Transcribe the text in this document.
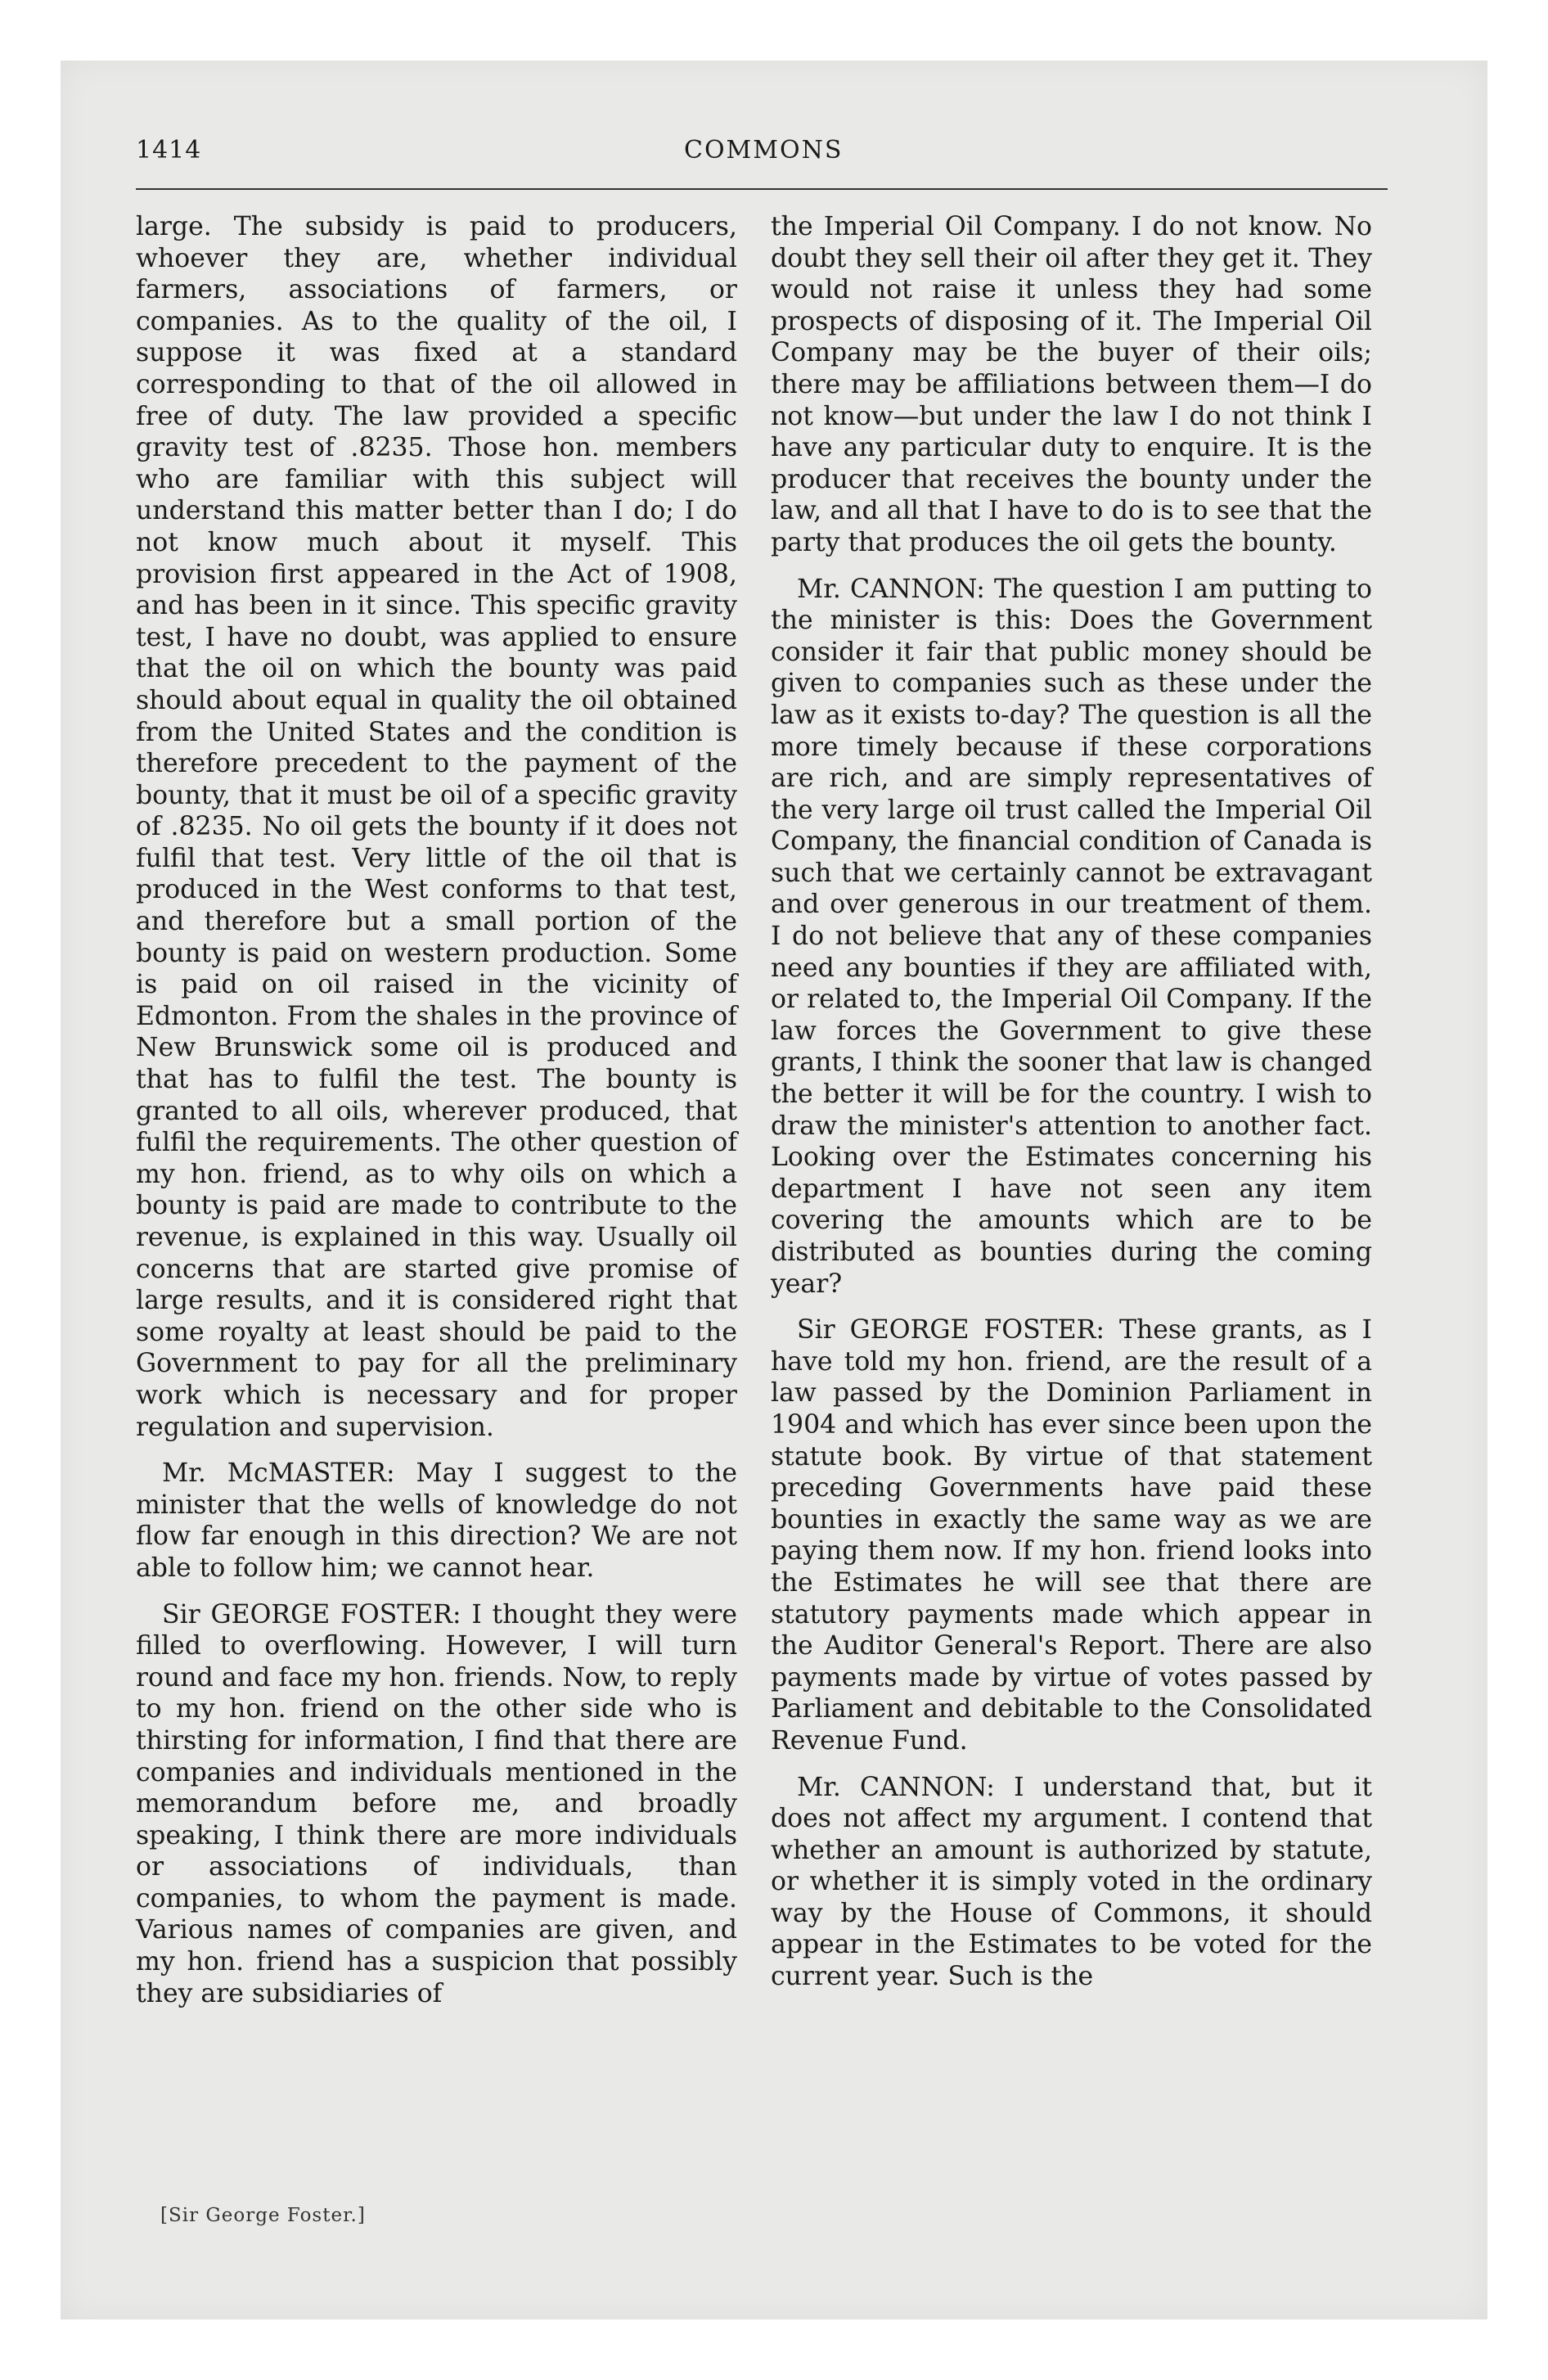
1414	COMMONS

large. The subsidy is paid to producers, whoever they are, whether individual farmers, associations of farmers, or companies. As to the quality of the oil, I suppose it was fixed at a standard corresponding to that of the oil allowed in free of duty. The law provided a specific gravity test of .8235. Those hon. members who are familiar with this subject will understand this matter better than I do; I do not know much about it myself. This provision first appeared in the Act of 1908, and has been in it since. This specific gravity test, I have no doubt, was applied to ensure that the oil on which the bounty was paid should about equal in quality the oil obtained from the United States and the condition is therefore precedent to the payment of the bounty, that it must be oil of a specific gravity of .8235. No oil gets the bounty if it does not fulfil that test. Very little of the oil that is produced in the West conforms to that test, and therefore but a small portion of the bounty is paid on western production. Some is paid on oil raised in the vicinity of Edmonton. From the shales in the province of New Brunswick some oil is produced and that has to fulfil the test. The bounty is granted to all oils, wherever produced, that fulfil the requirements. The other question of my hon. friend, as to why oils on which a bounty is paid are made to contribute to the revenue, is explained in this way. Usually oil concerns that are started give promise of large results, and it is considered right that some royalty at least should be paid to the Government to pay for all the preliminary work which is necessary and for proper regulation and supervision.

Mr. McMASTER: May I suggest to the minister that the wells of knowledge do not flow far enough in this direction? We are not able to follow him; we cannot hear.

Sir GEORGE FOSTER: I thought they were filled to overflowing. However, I will turn round and face my hon. friends. Now, to reply to my hon. friend on the other side who is thirsting for information, I find that there are companies and individuals mentioned in the memorandum before me, and broadly speaking, I think there are more individuals or associations of individuals, than companies, to whom the payment is made. Various names of companies are given, and my hon. friend has a suspicion that possibly they are subsidiaries of

the Imperial Oil Company. I do not know. No doubt they sell their oil after they get it. They would not raise it unless they had some prospects of disposing of it. The Imperial Oil Company may be the buyer of their oils; there may be affiliations between them—I do not know—but under the law I do not think I have any particular duty to enquire. It is the producer that receives the bounty under the law, and all that I have to do is to see that the party that produces the oil gets the bounty.

Mr. CANNON: The question I am putting to the minister is this: Does the Government consider it fair that public money should be given to companies such as these under the law as it exists to-day? The question is all the more timely because if these corporations are rich, and are simply representatives of the very large oil trust called the Imperial Oil Company, the financial condition of Canada is such that we certainly cannot be extravagant and over generous in our treatment of them. I do not believe that any of these companies need any bounties if they are affiliated with, or related to, the Imperial Oil Company. If the law forces the Government to give these grants, I think the sooner that law is changed the better it will be for the country. I wish to draw the minister's attention to another fact. Looking over the Estimates concerning his department I have not seen any item covering the amounts which are to be distributed as bounties during the coming year?

Sir GEORGE FOSTER: These grants, as I have told my hon. friend, are the result of a law passed by the Dominion Parliament in 1904 and which has ever since been upon the statute book. By virtue of that statement preceding Governments have paid these bounties in exactly the same way as we are paying them now. If my hon. friend looks into the Estimates he will see that there are statutory payments made which appear in the Auditor General's Report. There are also payments made by virtue of votes passed by Parliament and debitable to the Consolidated Revenue Fund.

Mr. CANNON: I understand that, but it does not affect my argument. I contend that whether an amount is authorized by statute, or whether it is simply voted in the ordinary way by the House of Commons, it should appear in the Estimates to be voted for the current year. Such is the

[Sir George Foster.]
